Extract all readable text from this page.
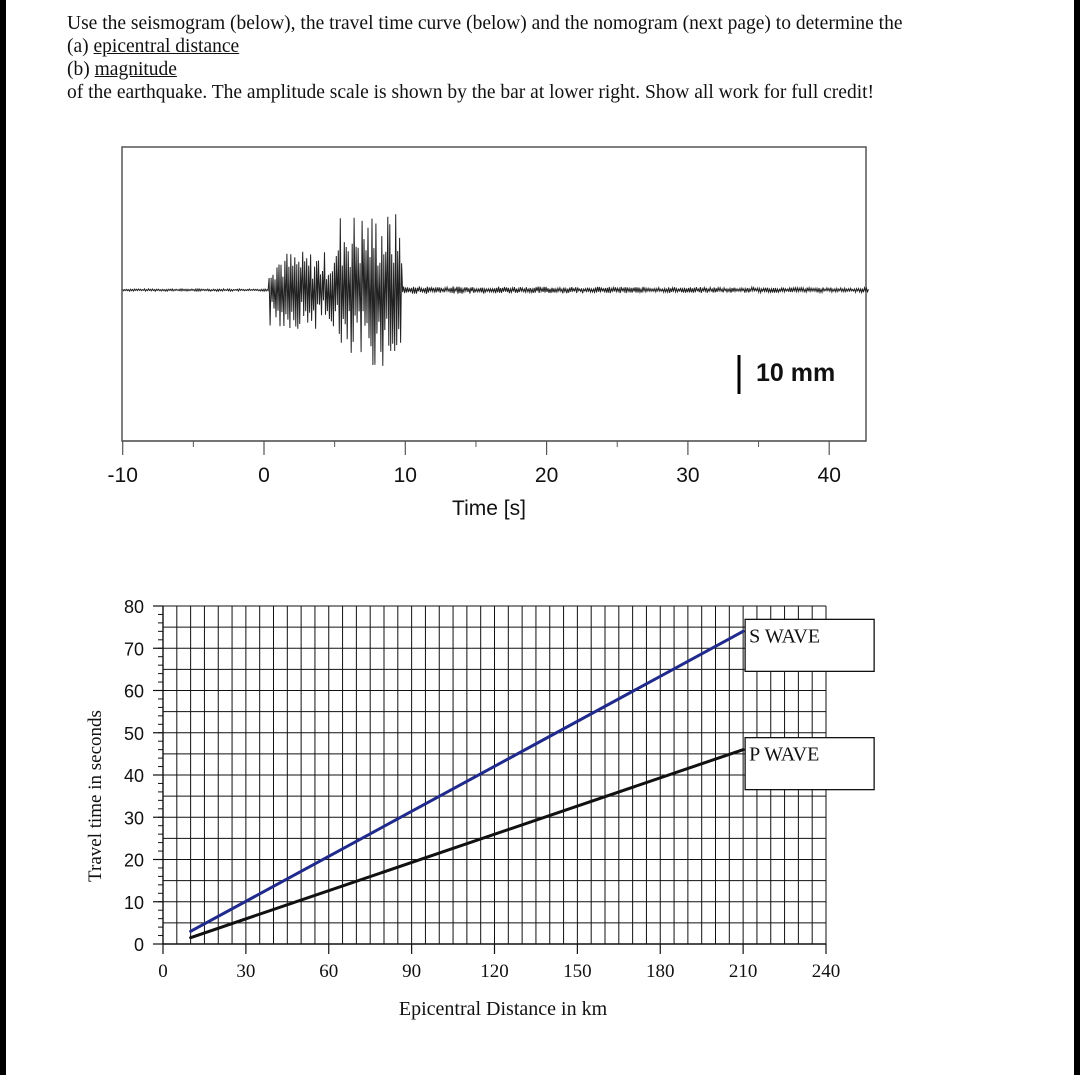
Use the seismogram (below), the travel time curve (below) and the nomogram (next page) to determine the
(a) epicentral distance
(b) magnitude
of the earthquake. The amplitude scale is shown by the bar at lower right. Show all work for full credit!
10 mm
-10	0	10	20	30	40
Time [s]
0
10
20
30
40
50
60
70
80
0	30	60	90	120	150	180	210	240
S WAVE
P WAVE
Epicentral Distance in km
Travel time in seconds
